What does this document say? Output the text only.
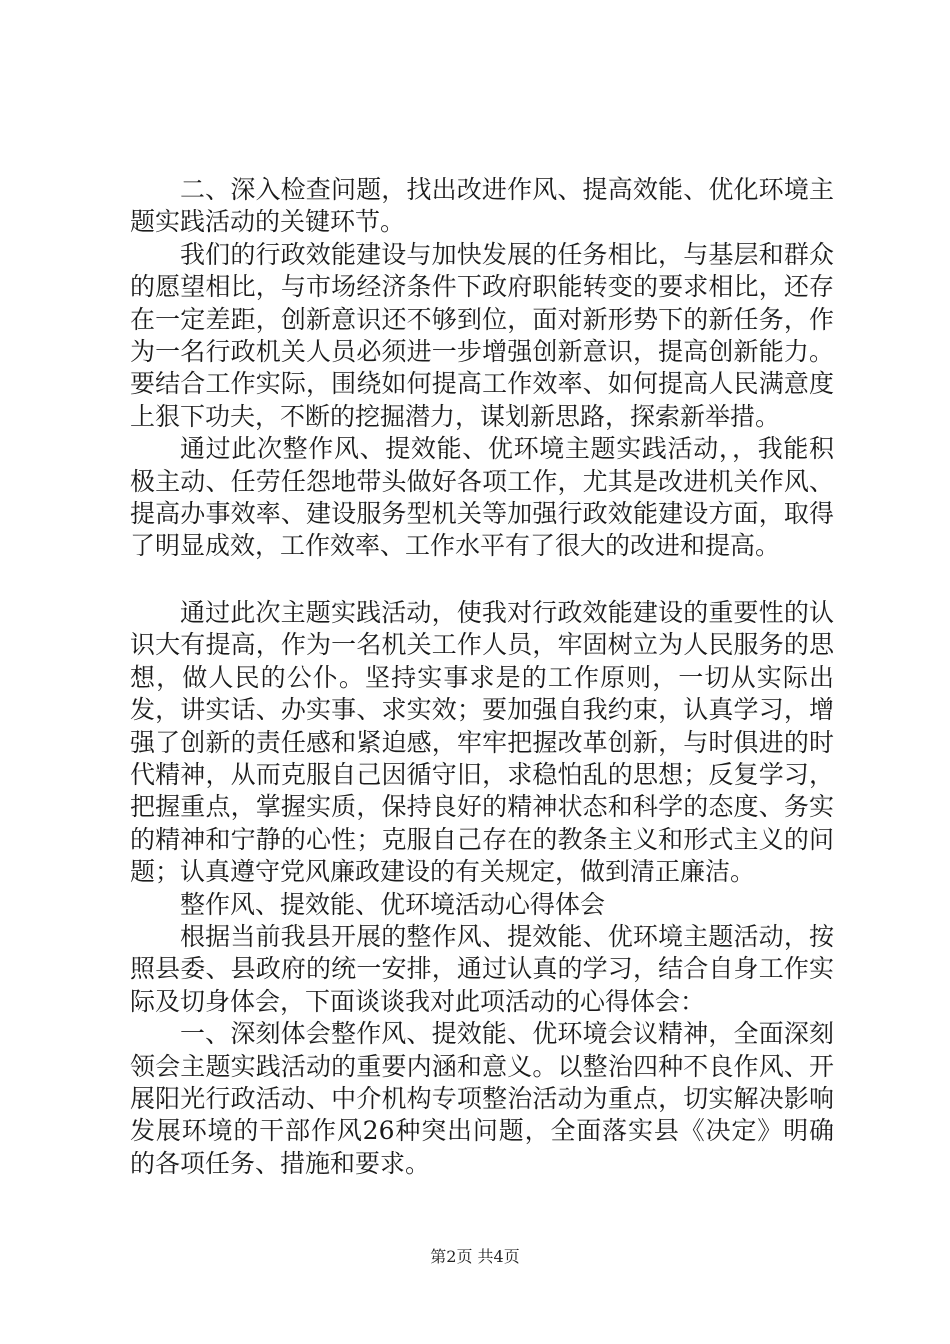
二、深入检查问题，找出改进作风、提高效能、优化环境主题实践活动的关键环节。

我们的行政效能建设与加快发展的任务相比，与基层和群众的愿望相比，与市场经济条件下政府职能转变的要求相比，还存在一定差距，创新意识还不够到位，面对新形势下的新任务，作为一名行政机关人员必须进一步增强创新意识，提高创新能力。要结合工作实际，围绕如何提高工作效率、如何提高人民满意度上狠下功夫，不断的挖掘潜力，谋划新思路，探索新举措。

通过此次整作风、提效能、优环境主题实践活动，，我能积极主动、任劳任怨地带头做好各项工作，尤其是改进机关作风、提高办事效率、建设服务型机关等加强行政效能建设方面，取得了明显成效，工作效率、工作水平有了很大的改进和提高。

通过此次主题实践活动，使我对行政效能建设的重要性的认识大有提高，作为一名机关工作人员，牢固树立为人民服务的思想，做人民的公仆。坚持实事求是的工作原则，一切从实际出发，讲实话、办实事、求实效；要加强自我约束，认真学习，增强了创新的责任感和紧迫感，牢牢把握改革创新，与时俱进的时代精神，从而克服自己因循守旧，求稳怕乱的思想；反复学习，把握重点，掌握实质，保持良好的精神状态和科学的态度、务实的精神和宁静的心性；克服自己存在的教条主义和形式主义的问题；认真遵守党风廉政建设的有关规定，做到清正廉洁。

整作风、提效能、优环境活动心得体会

根据当前我县开展的整作风、提效能、优环境主题活动，按照县委、县政府的统一安排，通过认真的学习，结合自身工作实际及切身体会，下面谈谈我对此项活动的心得体会：

一、深刻体会整作风、提效能、优环境会议精神，全面深刻领会主题实践活动的重要内涵和意义。以整治四种不良作风、开展阳光行政活动、中介机构专项整治活动为重点，切实解决影响发展环境的干部作风26种突出问题，全面落实县《决定》明确的各项任务、措施和要求。

第2页 共4页
